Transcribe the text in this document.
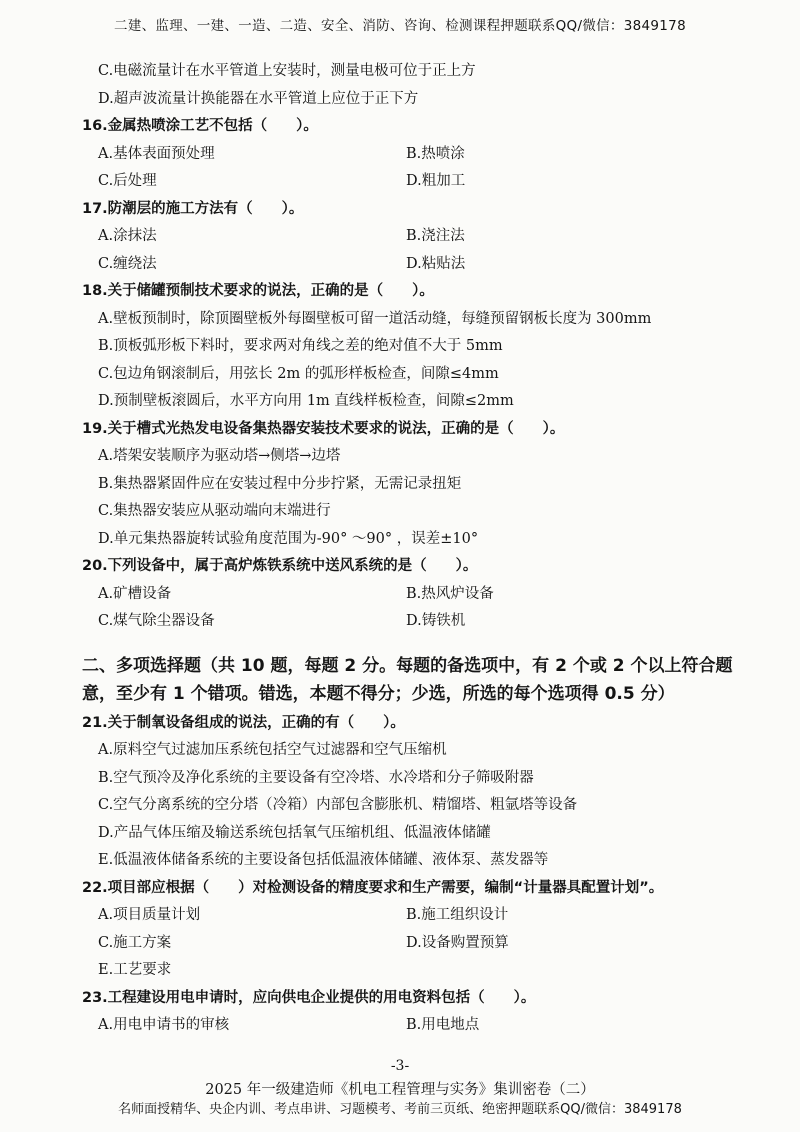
二建、监理、一建、一造、二造、安全、消防、咨询、检测课程押题联系QQ/微信：3849178
C.电磁流量计在水平管道上安装时，测量电极可位于正上方
D.超声波流量计换能器在水平管道上应位于正下方
16.金属热喷涂工艺不包括（　　）。
A.基体表面预处理	B.热喷涂
C.后处理	D.粗加工
17.防潮层的施工方法有（　　）。
A.涂抹法	B.浇注法
C.缠绕法	D.粘贴法
18.关于储罐预制技术要求的说法，正确的是（　　）。
A.壁板预制时，除顶圈壁板外每圈壁板可留一道活动缝，每缝预留钢板长度为 300mm
B.顶板弧形板下料时，要求两对角线之差的绝对值不大于 5mm
C.包边角钢滚制后，用弦长 2m 的弧形样板检查，间隙≤4mm
D.预制壁板滚圆后，水平方向用 1m 直线样板检查，间隙≤2mm
19.关于槽式光热发电设备集热器安装技术要求的说法，正确的是（　　）。
A.塔架安装顺序为驱动塔→侧塔→边塔
B.集热器紧固件应在安装过程中分步拧紧，无需记录扭矩
C.集热器安装应从驱动端向末端进行
D.单元集热器旋转试验角度范围为-90° ～90° ，误差±10°
20.下列设备中，属于高炉炼铁系统中送风系统的是（　　）。
A.矿槽设备	B.热风炉设备
C.煤气除尘器设备	D.铸铁机
二、多项选择题（共 10 题，每题 2 分。每题的备选项中，有 2 个或 2 个以上符合题意，至少有 1 个错项。错选，本题不得分；少选，所选的每个选项得 0.5 分）
21.关于制氧设备组成的说法，正确的有（　　）。
A.原料空气过滤加压系统包括空气过滤器和空气压缩机
B.空气预冷及净化系统的主要设备有空冷塔、水冷塔和分子筛吸附器
C.空气分离系统的空分塔（冷箱）内部包含膨胀机、精馏塔、粗氩塔等设备
D.产品气体压缩及输送系统包括氧气压缩机组、低温液体储罐
E.低温液体储备系统的主要设备包括低温液体储罐、液体泵、蒸发器等
22.项目部应根据（　　）对检测设备的精度要求和生产需要，编制“计量器具配置计划”。
A.项目质量计划	B.施工组织设计
C.施工方案	D.设备购置预算
E.工艺要求
23.工程建设用电申请时，应向供电企业提供的用电资料包括（　　）。
A.用电申请书的审核	B.用电地点
-3-
2025 年一级建造师《机电工程管理与实务》集训密卷（二）
名师面授精华、央企内训、考点串讲、习题模考、考前三页纸、绝密押题联系QQ/微信：3849178
